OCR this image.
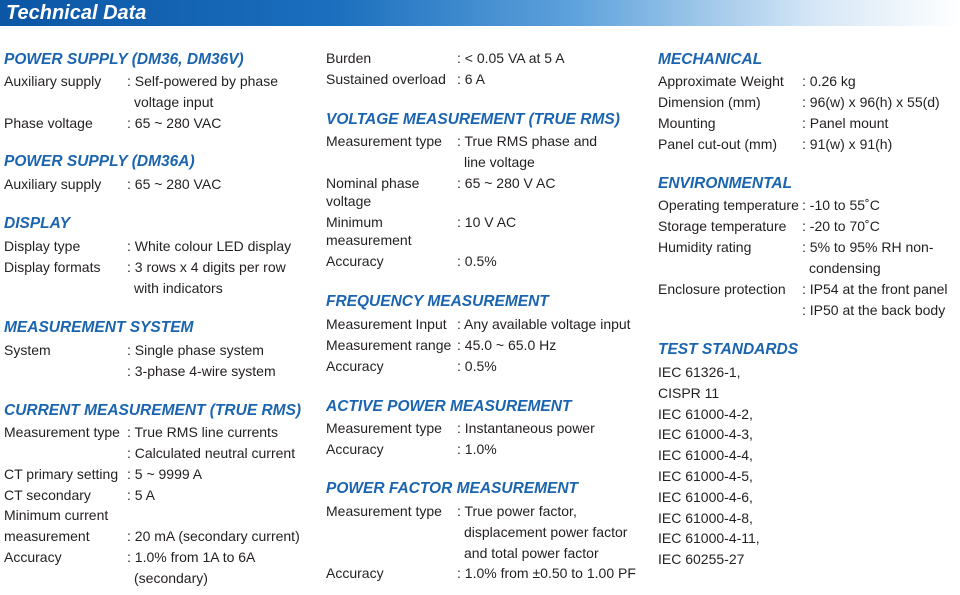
Technical Data
POWER SUPPLY (DM36, DM36V)
Auxiliary supply : Self-powered by phase
voltage input
Phase voltage : 65 ~ 280 VAC
POWER SUPPLY (DM36A)
Auxiliary supply : 65 ~ 280 VAC
DISPLAY
Display type	: White colour LED display
Display formats : 3 rows x 4 digits per row
with indicators
MEASUREMENT SYSTEM
System	: Single phase system
: 3-phase 4-wire system
CURRENT MEASUREMENT (TRUE RMS)
Measurement type : True RMS line currents
: Calculated neutral current
CT primary setting : 5 ~ 9999 A
CT secondary	: 5 A
Minimum current
measurement	: 20 mA (secondary current)
Accuracy	: 1.0% from 1A to 6A
(secondary)
Burden	: < 0.05 VA at 5 A
Sustained overload : 6 A
VOLTAGE MEASUREMENT (TRUE RMS)
Measurement type : True RMS phase and
line voltage
Nominal phase
voltage
: 65 ~ 280 V AC
Minimum
measurement
: 10 V AC
Accuracy	: 0.5%
FREQUENCY MEASUREMENT
Measurement Input : Any available voltage input
Measurement range : 45.0 ~ 65.0 Hz
Accuracy	: 0.5%
ACTIVE POWER MEASUREMENT
Measurement type : Instantaneous power
Accuracy	: 1.0%
POWER FACTOR MEASUREMENT
Measurement type : True power factor,
displacement power factor
and total power factor
Accuracy	: 1.0% from ±0.50 to 1.00 PF
MECHANICAL
Approximate Weight : 0.26 kg
Dimension (mm)	: 96(w) x 96(h) x 55(d)
Mounting	: Panel mount
Panel cut-out (mm) : 91(w) x 91(h)
ENVIRONMENTAL
Operating temperature : -10 to 55˚C
Storage temperature : -20 to 70˚C
Humidity rating	: 5% to 95% RH non-
condensing
Enclosure protection : IP54 at the front panel
: IP50 at the back body
TEST STANDARDS
IEC 61326-1,
CISPR 11
IEC 61000-4-2,
IEC 61000-4-3,
IEC 61000-4-4,
IEC 61000-4-5,
IEC 61000-4-6,
IEC 61000-4-8,
IEC 61000-4-11,
IEC 60255-27
